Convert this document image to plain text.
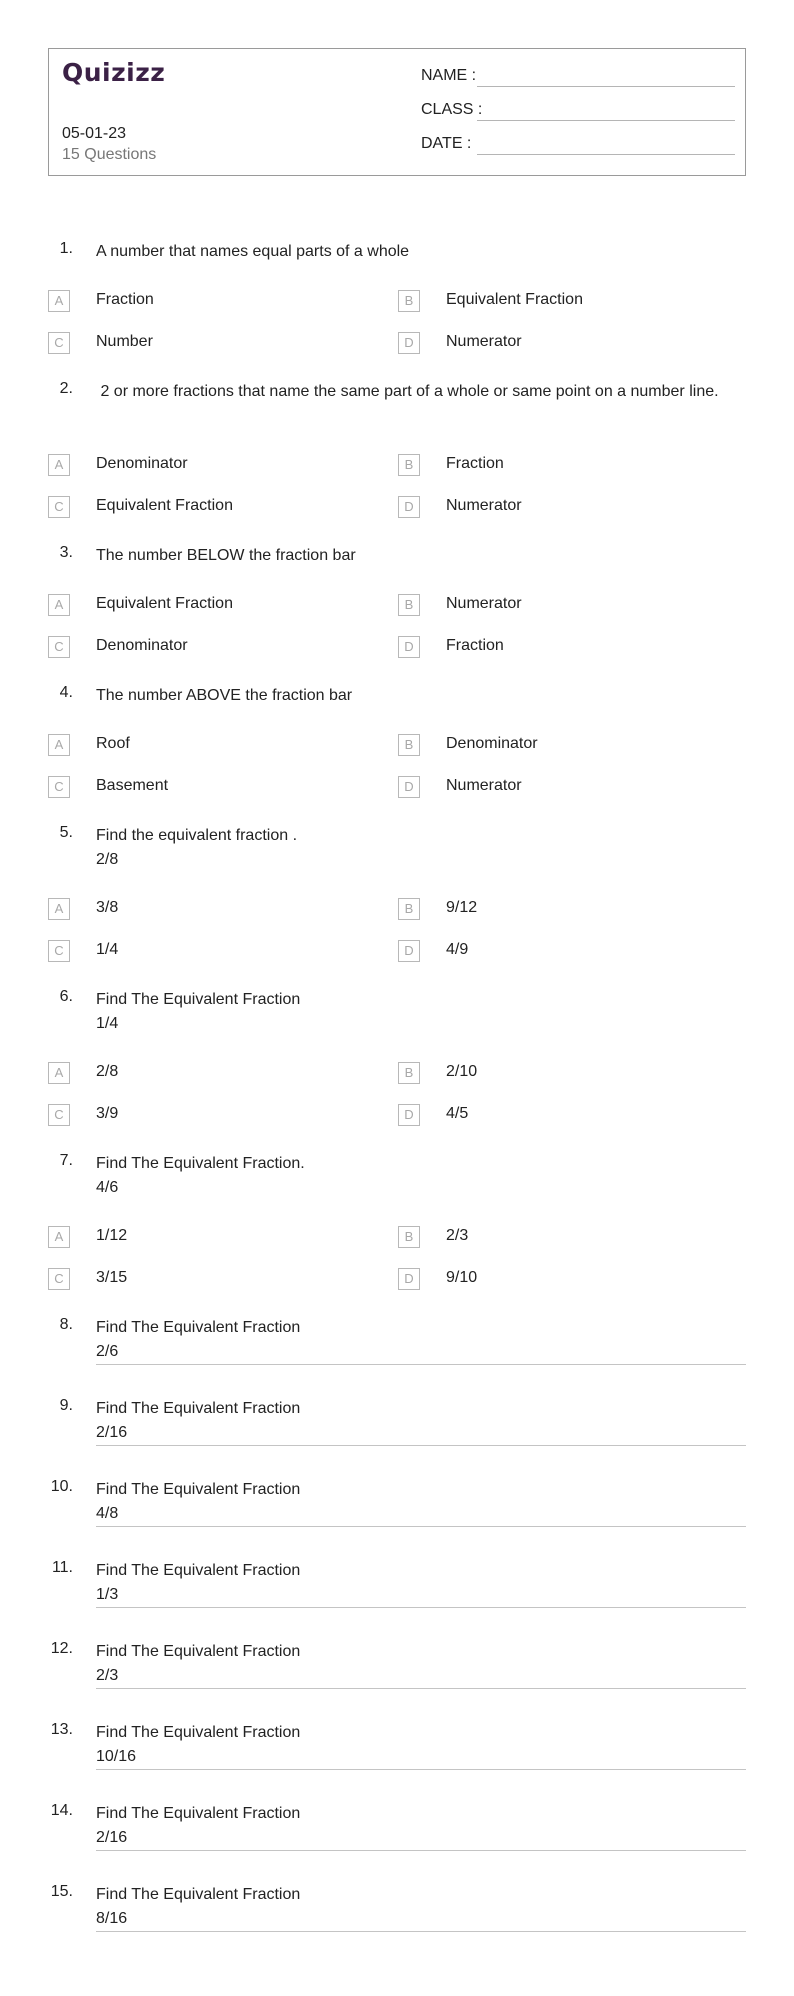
Quizizz
05-01-23
15 Questions
NAME :
CLASS :
DATE :
1. A number that names equal parts of a whole
A	Fraction	B	Equivalent Fraction
C	Number	D	Numerator
2. 2 or more fractions that name the same part of a whole or same point on a number line.
A	Denominator	B	Fraction
C	Equivalent Fraction	D	Numerator
3. The number BELOW the fraction bar
A	Equivalent Fraction	B	Numerator
C	Denominator	D	Fraction
4. The number ABOVE the fraction bar
A	Roof	B	Denominator
C	Basement	D	Numerator
5. Find the equivalent fraction .
2/8
A	3/8	B	9/12
C	1/4	D	4/9
6. Find The Equivalent Fraction
1/4
A	2/8	B	2/10
C	3/9	D	4/5
7. Find The Equivalent Fraction.
4/6
A	1/12	B	2/3
C	3/15	D	9/10
8. Find The Equivalent Fraction
2/6
9. Find The Equivalent Fraction
2/16
10. Find The Equivalent Fraction
4/8
11. Find The Equivalent Fraction
1/3
12. Find The Equivalent Fraction
2/3
13. Find The Equivalent Fraction
10/16
14. Find The Equivalent Fraction
2/16
15. Find The Equivalent Fraction
8/16
